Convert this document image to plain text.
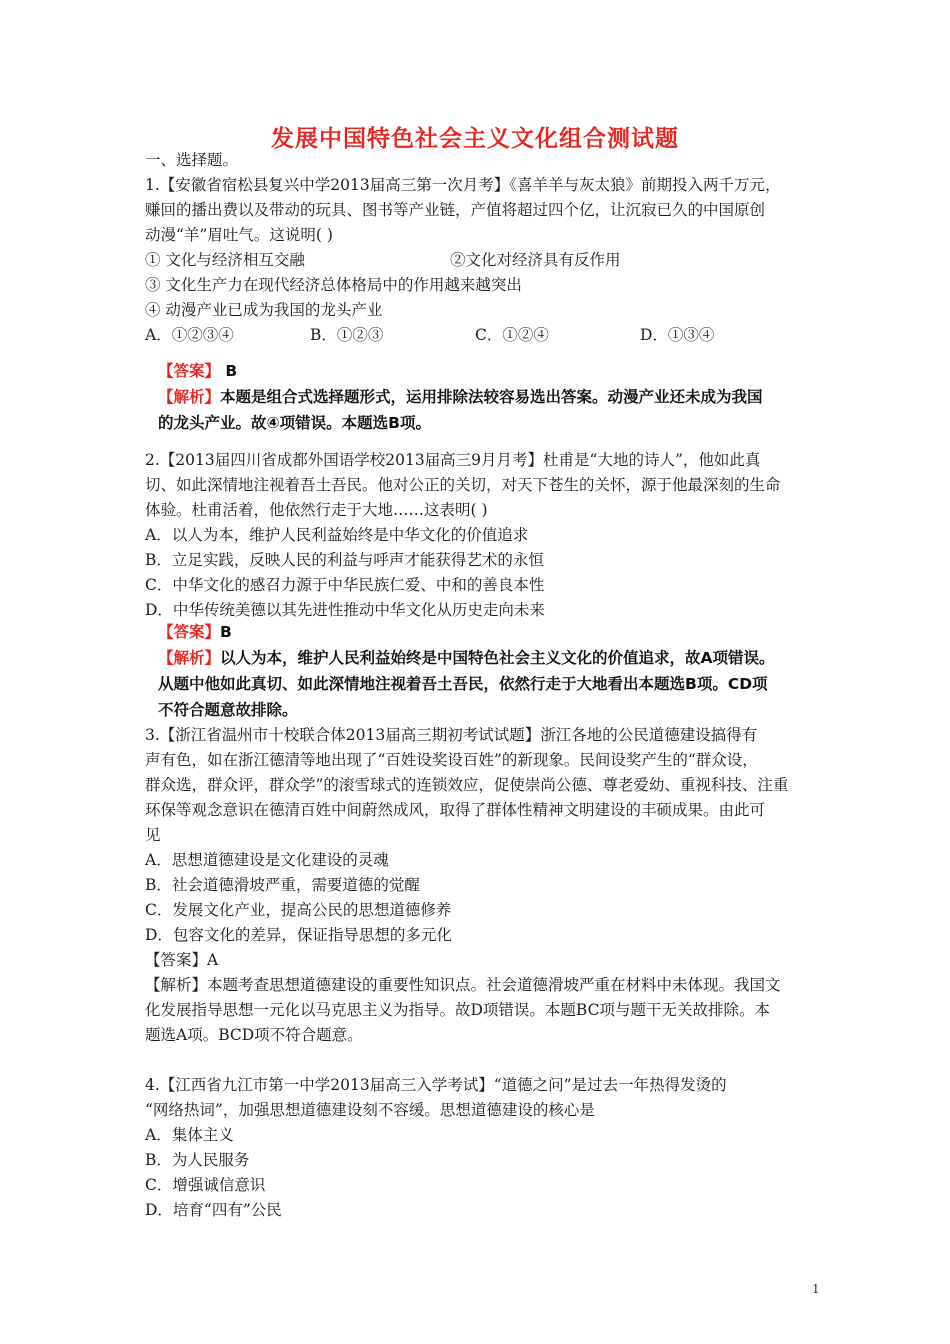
发展中国特色社会主义文化组合测试题
一、选择题。
1.【安徽省宿松县复兴中学2013届高三第一次月考】《喜羊羊与灰太狼》前期投入两千万元，
赚回的播出费以及带动的玩具、图书等产业链，产值将超过四个亿，让沉寂已久的中国原创
动漫“羊”眉吐气。这说明( )
① 文化与经济相互交融	②文化对经济具有反作用
③ 文化生产力在现代经济总体格局中的作用越来越突出
④ 动漫产业已成为我国的龙头产业
A．①②③④	B．①②③	C．①②④	D．①③④
【答案】 B
【解析】本题是组合式选择题形式，运用排除法较容易选出答案。动漫产业还未成为我国
的龙头产业。故④项错误。本题选B项。
2.【2013届四川省成都外国语学校2013届高三9月月考】杜甫是“大地的诗人”，他如此真
切、如此深情地注视着吾土吾民。他对公正的关切，对天下苍生的关怀，源于他最深刻的生命
体验。杜甫活着，他依然行走于大地……这表明( )
A．以人为本，维护人民利益始终是中华文化的价值追求
B．立足实践，反映人民的利益与呼声才能获得艺术的永恒
C．中华文化的感召力源于中华民族仁爱、中和的善良本性
D．中华传统美德以其先进性推动中华文化从历史走向未来
【答案】B
【解析】以人为本，维护人民利益始终是中国特色社会主义文化的价值追求，故A项错误。
从题中他如此真切、如此深情地注视着吾土吾民，依然行走于大地看出本题选B项。CD项
不符合题意故排除。
3.【浙江省温州市十校联合体2013届高三期初考试试题】浙江各地的公民道德建设搞得有
声有色，如在浙江德清等地出现了“百姓设奖设百姓”的新现象。民间设奖产生的“群众设，
群众选，群众评，群众学”的滚雪球式的连锁效应，促使崇尚公德、尊老爱幼、重视科技、注重
环保等观念意识在德清百姓中间蔚然成风，取得了群体性精神文明建设的丰硕成果。由此可
见
A．思想道德建设是文化建设的灵魂
B．社会道德滑坡严重，需要道德的觉醒
C．发展文化产业，提高公民的思想道德修养
D．包容文化的差异，保证指导思想的多元化
【答案】A
【解析】本题考查思想道德建设的重要性知识点。社会道德滑坡严重在材料中未体现。我国文
化发展指导思想一元化以马克思主义为指导。故D项错误。本题BC项与题干无关故排除。本
题选A项。BCD项不符合题意。
4.【江西省九江市第一中学2013届高三入学考试】“道德之问”是过去一年热得发烫的
“网络热词”，加强思想道德建设刻不容缓。思想道德建设的核心是
A．集体主义
B．为人民服务
C．增强诚信意识
D．培育“四有”公民
1
